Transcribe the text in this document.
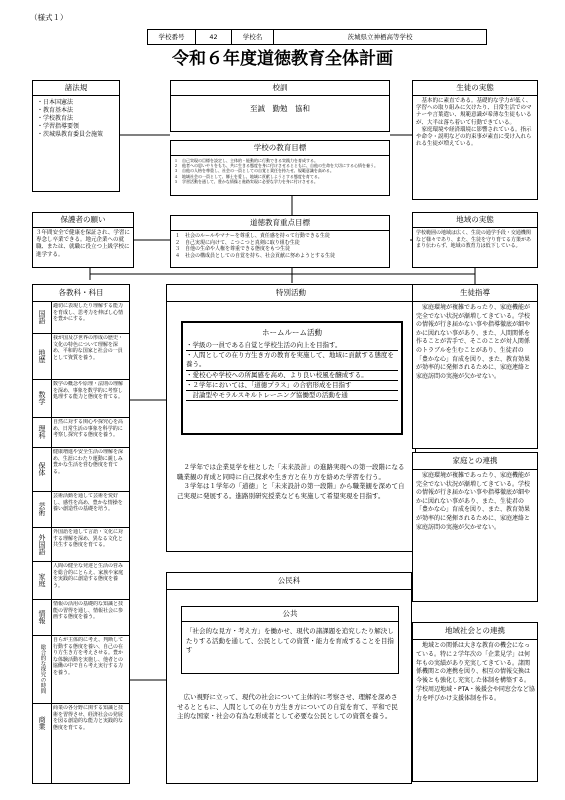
（様式１）
学校番号	42	学校名	茨城県立神栖高等学校
令和６年度道徳教育全体計画
諸法規
・日本国憲法
・教育基本法
・学校教育法
・学習指導要領
・茨城県教育委員会施策
校訓
至誠　勤勉　協和
学校の教育目標
１　自己実現の目標を設定し、主体的・能動的に行動できる実践力を育成する。
２　他者への思いやりをもち、共に生きる態度を身に付けさせるとともに、自他の生命を大切にする心情を養う。
３　自他の人格を尊重し、社会の一員としての自覚と責任を持たせ、規範意識を高める。
４　地域社会の一員として、郷土を愛し、地域に貢献しようとする態度を育てる。
５　学習活動を通して、豊かな情操と進路実現に必要な学力を身に付けさせる。
生徒の実態
　基本的に素直である。基礎的な学力が低く、学習への取り組みに欠けたり、日常生活でのマナーや言葉遣い、規範意識が希薄な生徒もいるが、大半は落ち着いて行動できている。
　家庭環境や経済環境に影響されている。指示や命令・説明などの約束事が素直に受け入れられる生徒が増えている。
保護者の願い
３年間安全で健康を保証され、学習に専念し卒業できる。地元企業への就職、または、就職に役立つ上級学校に進学する。
道徳教育重点目標
１　社会のルールやマナーを尊重し、責任感を持って行動できる生徒
２　自己実現に向けて、こつこつと真剣に取り組む生徒
３　自他の生命や人権を尊重できる態度をもつ生徒
４　社会の構成員としての自覚を持ち、社会貢献に努めようとする生徒
地域の実態
学校範囲の地域は広く、生徒の通学手段・交通機関など様々であり、また、生徒を守り育てる方策があまり伝わらず、地域の教育力は低下している。
各教科・科目
国語
適切に表現したり理解する能力を育成し、思考力を伸ばし心情を豊かにする。
地歴
我が国及び世界の形成の歴史・文化の特色について理解を深め、平和的な国家と社会の一員として資質を養う。
数学
数学の概念や原理・法則の理解を深め、事象を数学的に考察し処理する能力と態度を育てる。
理科
自然に対する関心や探究心を高め、日常生活の事象を科学的に考察し探究する態度を養う。
保体
健康増進や安全生活の理解を深め、生涯にわたり運動に親しみ豊かな生活を営む態度を育てる。
芸術
芸術活動を通して芸術を愛好し、感性を高め、豊かな情操を養い創造性の基礎を培う。
外国語
外国語を通して言語・文化に対する理解を深め、異なる文化と共生する態度を育てる。
家庭
人間の健全な発達と生活の営みを総合的にとらえ、家族や家庭を実践的に創造する態度を養う。
情報
情報の活用の基礎的な知識と技能の習得を通し、情報社会に参画する態度を養う。
総合的な探究の時間
自らが主体的に考え、判断して行動する態度を養い、自己の在り方生き方を考えさせる。豊かな体験活動を実施し、他者との協働の中で自ら考え実行する力を養う。
商業
商業の各分野に関する知識と技術を習得させ、経済社会の発展を図る創造的な能力と実践的な態度を育てる。
特別活動
ホームルーム活動
・学級の一員である自覚と学校生活の向上を目指す。
・人間としての在り方生き方の教育を実施して、地域に貢献する態度を養う。
・愛校心や学校への所属感を高め、より良い校風を醸成する。
・２学年においては、「道徳プラス」の合宿形成を目指す
　討論型やモラルスキルトレーニング協働型の活動を通
　２学年では企業見学を柱とした「未来設計」の進路実現への第一段階になる職業観の育成と同時に自己探求や生き方と在り方を絡めた学習を行う。
　３学年は１学年の「道徳」と「未来設計の第一段階」から職業観を深めて自己実現に発展する。進路別研究授業なども実施して希望実現を目指す。
生徒指導
　家庭環境が複雑であったり、家庭機能が完全でない状況が漸増してきている。学校の情報が行き届かない事や指導徹底が細やかに図れない事があり、また、人間関係を作ることが苦手で、そこのことが対人関係のトラブルを生むことがあり、生徒君の「豊かな心」育成を図り、また、教育効果が効率的に発揮されるために、家庭連絡と家庭訪問の実施が欠かせない。
家庭との連携
　家庭環境が複雑であったり、家庭機能が完全でない状況が漸増してきている。学校の情報が行き届かない事や指導徹底が細やかに図れない事があり、また、生徒君の「豊かな心」育成を図り、また、教育効果が効率的に発揮されるために、家庭連絡と家庭訪問の実施が欠かせない。
公民科
公共
「社会的な見方・考え方」を働かせ、現代の諸課題を追究したり解決したりする活動を通して、公民としての資質・能力を育成することを目指す
　広い視野に立って、現代の社会について主体的に考察させ、理解を深めさせるとともに、人間としての在り方生き方についての自覚を育て、平和で民主的な国家・社会の有為な形成者として必要な公民としての資質を養う。
地域社会との連携
　地域との関係は大きな教育の機会になっている。特に２学年次の「企業見学」は何年もの実績があり充実してきている。諸関係機関との連携を図り、相互の情報交換は今後とも強化し充実した体制を構築する。学校周辺地域・PTA・後援会や同窓会など協力を呼びかけ支援体制を作る。
